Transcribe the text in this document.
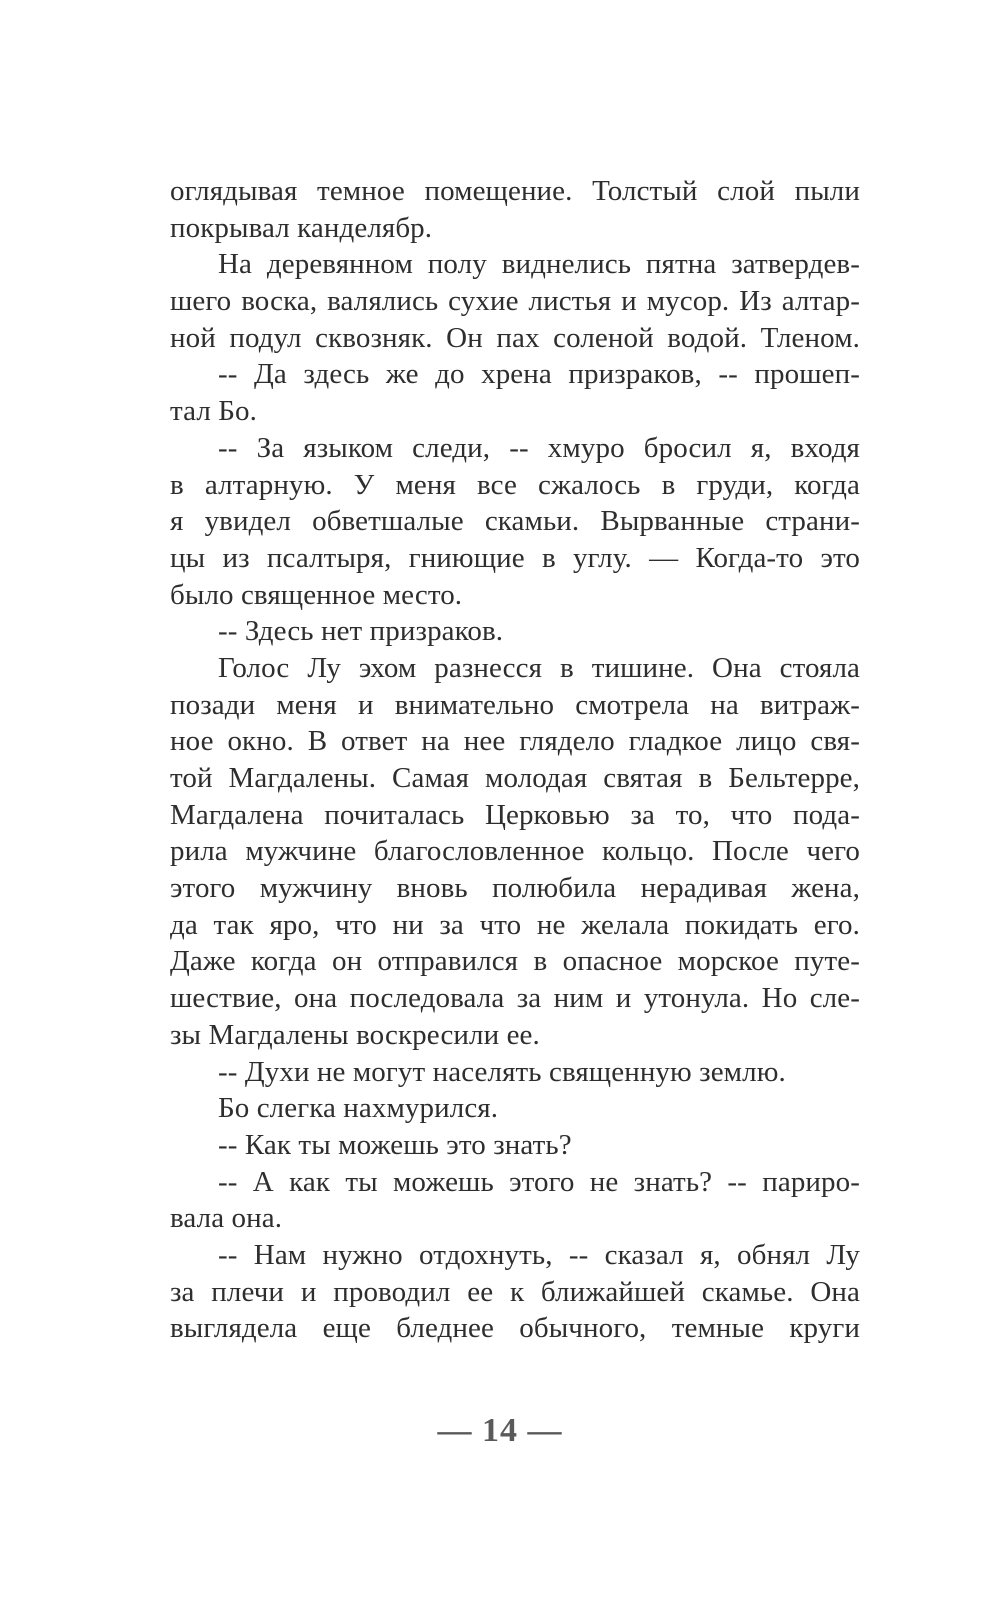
оглядывая темное помещение. Толстый слой пыли
покрывал канделябр.
На деревянном полу виднелись пятна затвердев-
шего воска, валялись сухие листья и мусор. Из алтар-
ной подул сквозняк. Он пах соленой водой. Тленом.
-- Да здесь же до хрена призраков, -- прошеп-
тал Бо.
-- За языком следи, -- хмуро бросил я, входя
в алтарную. У меня все сжалось в груди, когда
я увидел обветшалые скамьи. Вырванные страни-
цы из псалтыря, гниющие в углу. — Когда-то это
было священное место.
-- Здесь нет призраков.
Голос Лу эхом разнесся в тишине. Она стояла
позади меня и внимательно смотрела на витраж-
ное окно. В ответ на нее глядело гладкое лицо свя-
той Магдалены. Самая молодая святая в Бельтерре,
Магдалена почиталась Церковью за то, что пода-
рила мужчине благословленное кольцо. После чего
этого мужчину вновь полюбила нерадивая жена,
да так яро, что ни за что не желала покидать его.
Даже когда он отправился в опасное морское путе-
шествие, она последовала за ним и утонула. Но сле-
зы Магдалены воскресили ее.
-- Духи не могут населять священную землю.
Бо слегка нахмурился.
-- Как ты можешь это знать?
-- А как ты можешь этого не знать? -- париро-
вала она.
-- Нам нужно отдохнуть, -- сказал я, обнял Лу
за плечи и проводил ее к ближайшей скамье. Она
выглядела еще бледнее обычного, темные круги
— 14 —
